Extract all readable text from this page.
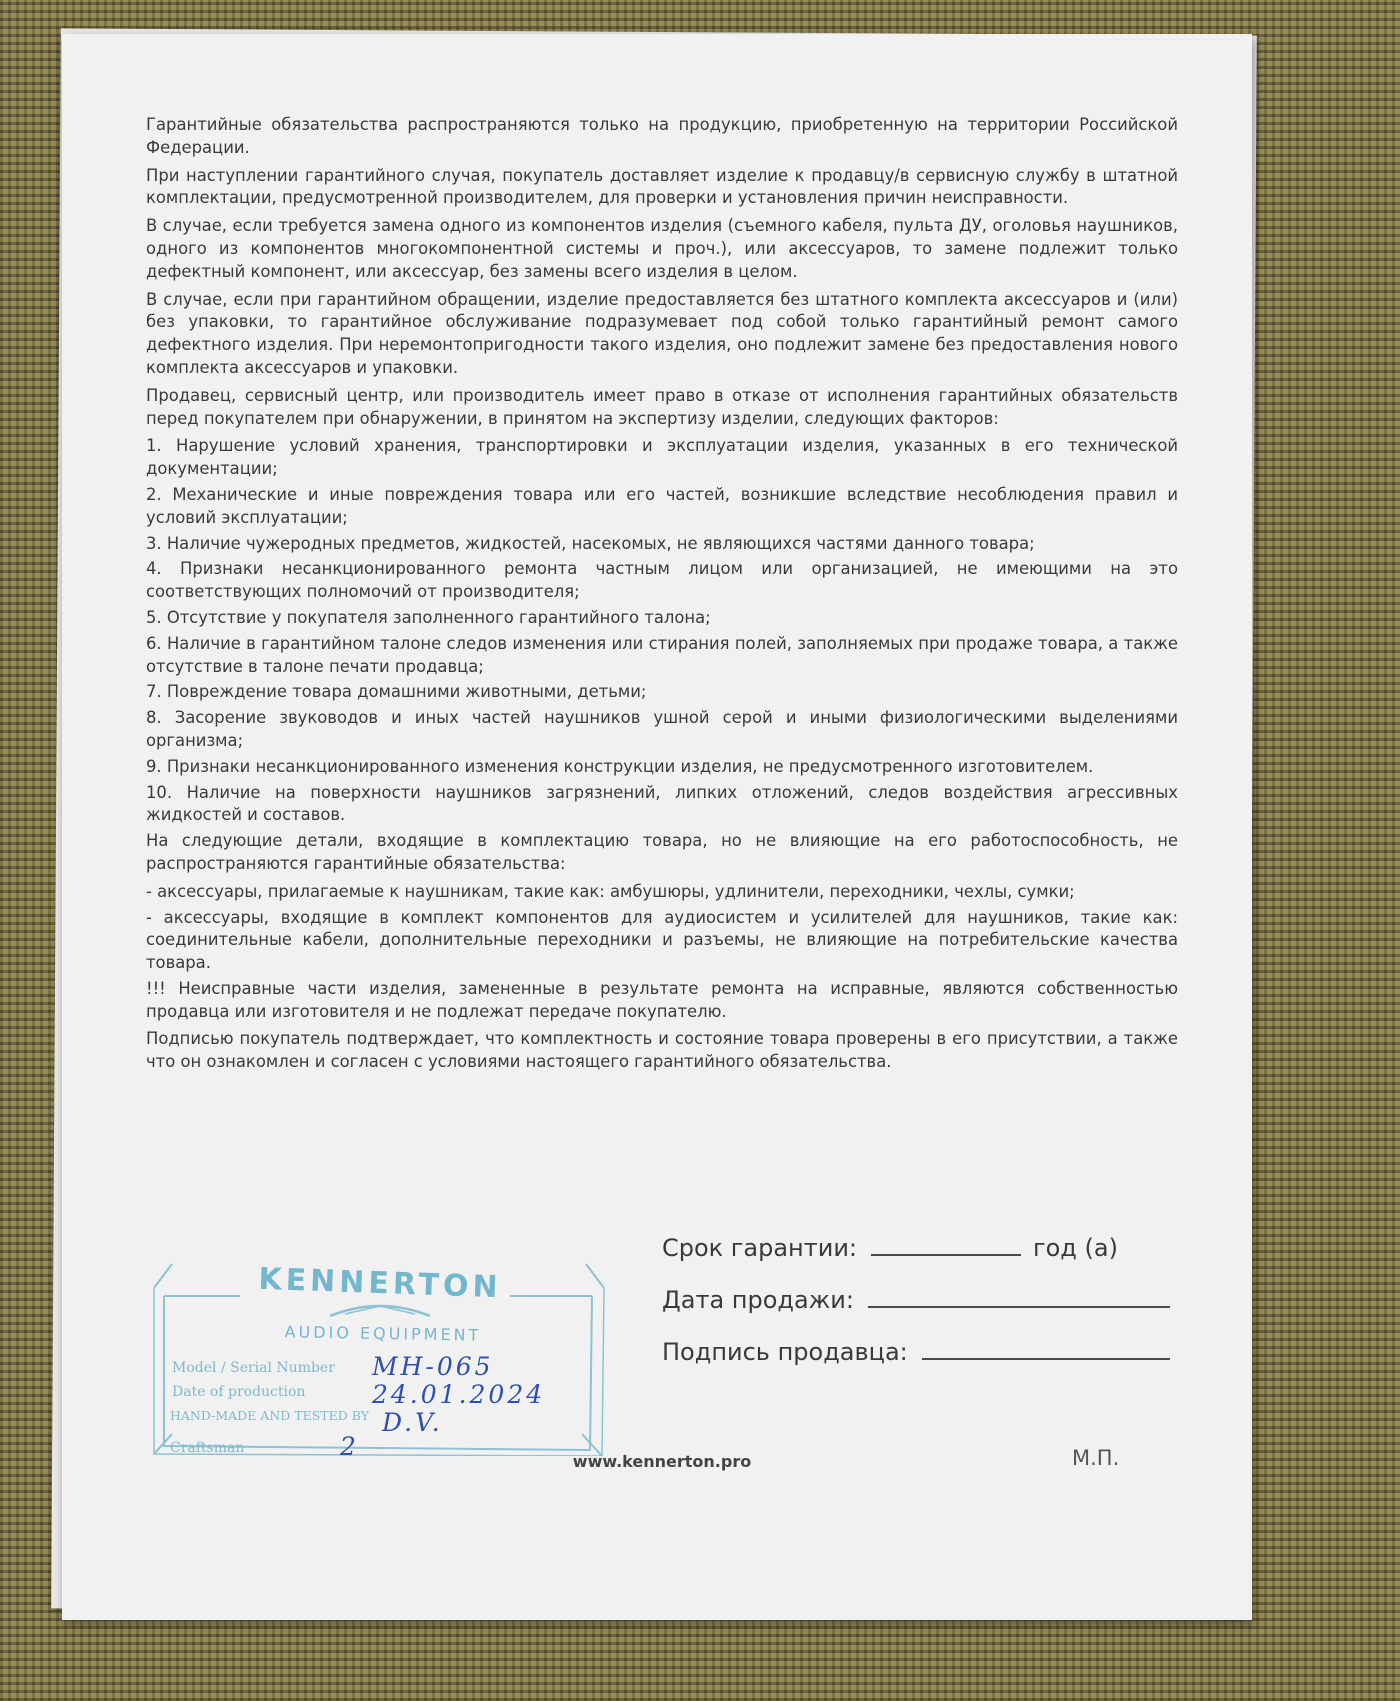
Гарантийные обязательства распространяются только на продукцию, приобретенную на территории Российской Федерации.

При наступлении гарантийного случая, покупатель доставляет изделие к продавцу/в сервисную службу в штатной комплектации, предусмотренной производителем, для проверки и установления причин неисправности.

В случае, если требуется замена одного из компонентов изделия (съемного кабеля, пульта ДУ, оголовья наушников, одного из компонентов многокомпонентной системы и проч.), или аксессуаров, то замене подлежит только дефектный компонент, или аксессуар, без замены всего изделия в целом.

В случае, если при гарантийном обращении, изделие предоставляется без штатного комплекта аксессуаров и (или) без упаковки, то гарантийное обслуживание подразумевает под собой только гарантийный ремонт самого дефектного изделия. При неремонтопригодности такого изделия, оно подлежит замене без предоставления нового комплекта аксессуаров и упаковки.

Продавец, сервисный центр, или производитель имеет право в отказе от исполнения гарантийных обязательств перед покупателем при обнаружении, в принятом на экспертизу изделии, следующих факторов:

1. Нарушение условий хранения, транспортировки и эксплуатации изделия, указанных в его технической документации;

2. Механические и иные повреждения товара или его частей, возникшие вследствие несоблюдения правил и условий эксплуатации;

3. Наличие чужеродных предметов, жидкостей, насекомых, не являющихся частями данного товара;

4. Признаки несанкционированного ремонта частным лицом или организацией, не имеющими на это соответствующих полномочий от производителя;

5. Отсутствие у покупателя заполненного гарантийного талона;

6. Наличие в гарантийном талоне следов изменения или стирания полей, заполняемых при продаже товара, а также отсутствие в талоне печати продавца;

7. Повреждение товара домашними животными, детьми;

8. Засорение звуководов и иных частей наушников ушной серой и иными физиологическими выделениями организма;

9. Признаки несанкционированного изменения конструкции изделия, не предусмотренного изготовителем.

10. Наличие на поверхности наушников загрязнений, липких отложений, следов воздействия агрессивных жидкостей и составов.

На следующие детали, входящие в комплектацию товара, но не влияющие на его работоспособность, не распространяются гарантийные обязательства:

- аксессуары, прилагаемые к наушникам, такие как: амбушюры, удлинители, переходники, чехлы, сумки;

- аксессуары, входящие в комплект компонентов для аудиосистем и усилителей для наушников, такие как: соединительные кабели, дополнительные переходники и разъемы, не влияющие на потребительские качества товара.

!!! Неисправные части изделия, замененные в результате ремонта на исправные, являются собственностью продавца или изготовителя и не подлежат передаче покупателю.

Подписью покупатель подтверждает, что комплектность и состояние товара проверены в его присутствии, а также что он ознакомлен и согласен с условиями настоящего гарантийного обязательства.

KENNERTON
AUDIO EQUIPMENT
Model / Serial Number
Date of production
HAND-MADE AND TESTED BY
Craftsman
MH-065
24.01.2024
D.V.
2
Срок гарантии:	год (а)
Дата продажи:
Подпись продавца:
www.kennerton.pro	М.П.
